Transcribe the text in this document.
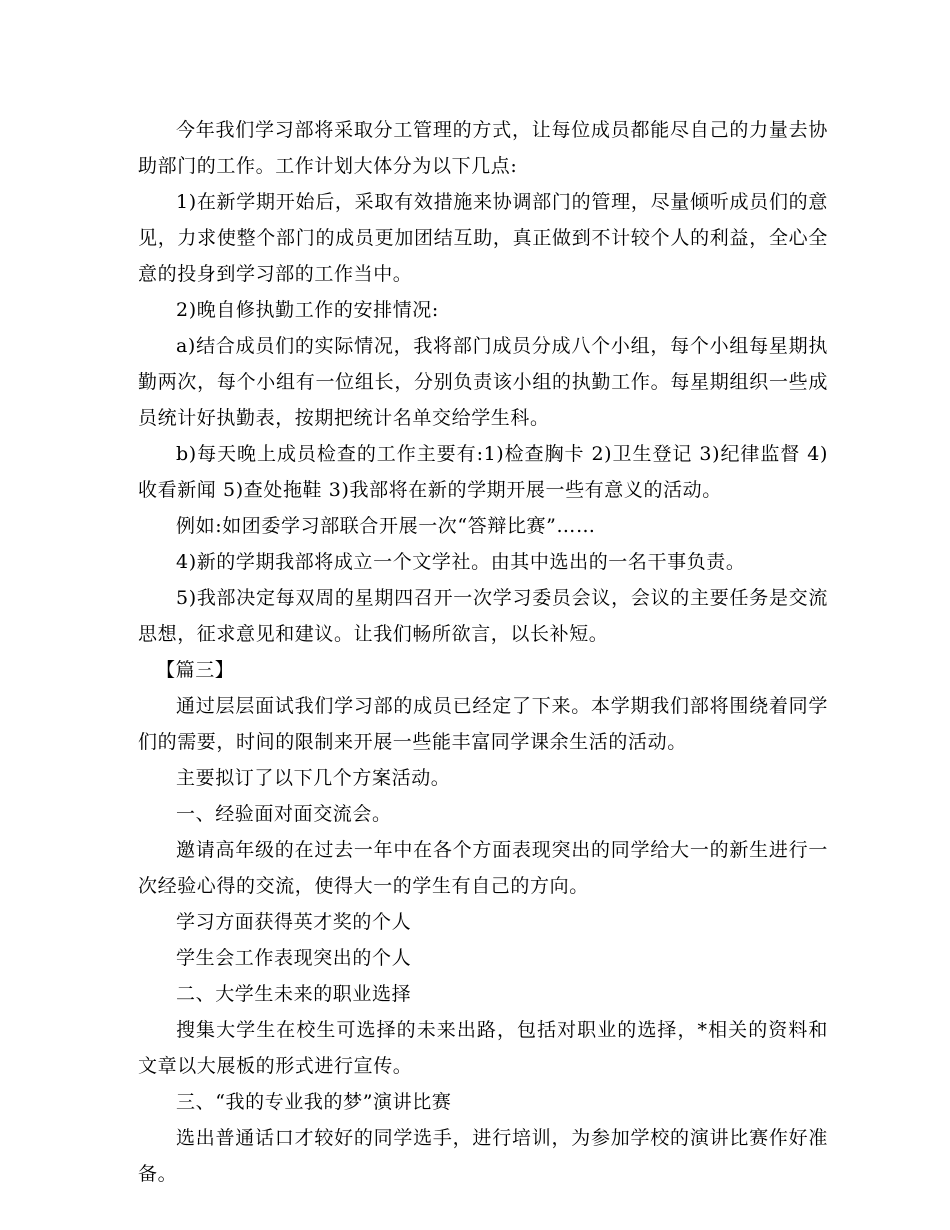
今年我们学习部将采取分工管理的方式，让每位成员都能尽自己的力量去协助部门的工作。工作计划大体分为以下几点:

1)在新学期开始后，采取有效措施来协调部门的管理，尽量倾听成员们的意见，力求使整个部门的成员更加团结互助，真正做到不计较个人的利益，全心全意的投身到学习部的工作当中。

2)晚自修执勤工作的安排情况:

a)结合成员们的实际情况，我将部门成员分成八个小组，每个小组每星期执勤两次，每个小组有一位组长，分别负责该小组的执勤工作。每星期组织一些成员统计好执勤表，按期把统计名单交给学生科。

b)每天晚上成员检查的工作主要有:1)检查胸卡 2)卫生登记 3)纪律监督 4)收看新闻 5)查处拖鞋 3)我部将在新的学期开展一些有意义的活动。

例如:如团委学习部联合开展一次“答辩比赛”……

4)新的学期我部将成立一个文学社。由其中选出的一名干事负责。

5)我部决定每双周的星期四召开一次学习委员会议，会议的主要任务是交流思想，征求意见和建议。让我们畅所欲言，以长补短。

【篇三】

通过层层面试我们学习部的成员已经定了下来。本学期我们部将围绕着同学们的需要，时间的限制来开展一些能丰富同学课余生活的活动。

主要拟订了以下几个方案活动。

一、经验面对面交流会。

邀请高年级的在过去一年中在各个方面表现突出的同学给大一的新生进行一次经验心得的交流，使得大一的学生有自己的方向。

学习方面获得英才奖的个人

学生会工作表现突出的个人

二、大学生未来的职业选择

搜集大学生在校生可选择的未来出路，包括对职业的选择，*相关的资料和文章以大展板的形式进行宣传。

三、“我的专业我的梦”演讲比赛

选出普通话口才较好的同学选手，进行培训，为参加学校的演讲比赛作好准备。
